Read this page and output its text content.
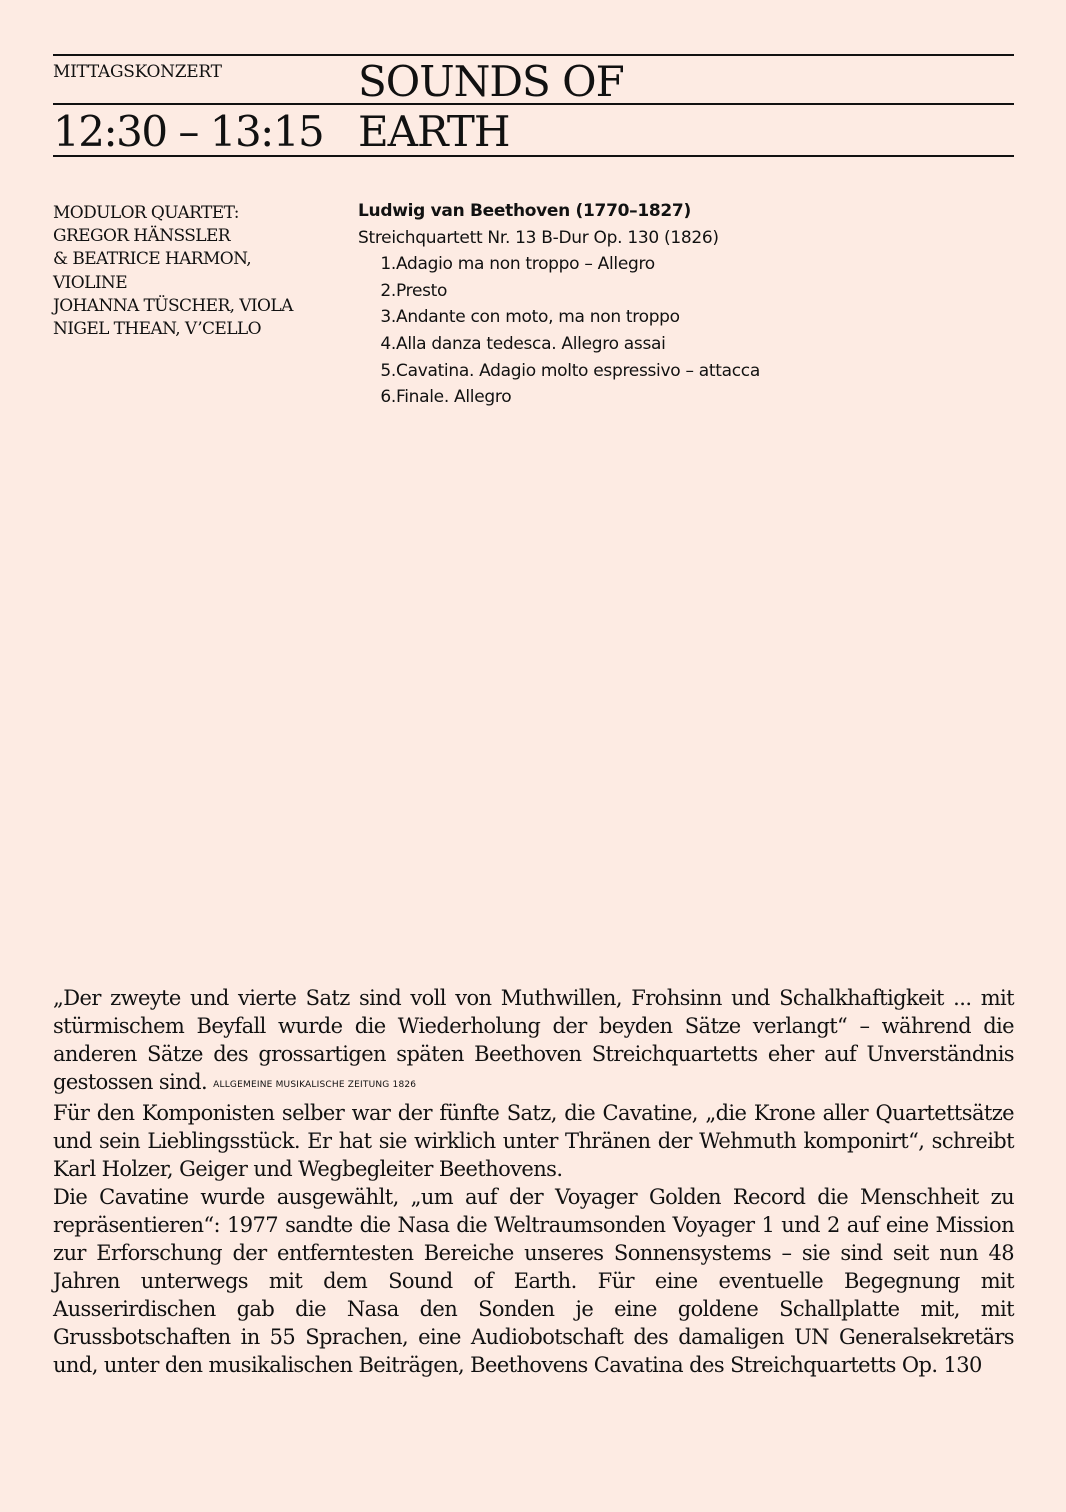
MITTAGSKONZERT	SOUNDS OF
12:30 – 13:15 EARTH
MODULOR QUARTET:
GREGOR HÄNSSLER
& BEATRICE HARMON,
VIOLINE
JOHANNA TÜSCHER, VIOLA
NIGEL THEAN, V’CELLO
Ludwig van Beethoven (1770–1827)
Streichquartett Nr. 13 B-Dur Op. 130 (1826)
1.Adagio ma non troppo – Allegro
2.Presto
3.Andante con moto, ma non troppo
4.Alla danza tedesca. Allegro assai
5.Cavatina. Adagio molto espressivo – attacca
6.Finale. Allegro

„Der zweyte und vierte Satz sind voll von Muthwillen, Frohsinn und Schalkhaftigkeit ... mit stürmischem Beyfall wurde die Wiederholung der beyden Sätze verlangt“ – während die anderen Sätze des grossartigen späten Beethoven Streichquartetts eher auf Unverständnis gestossen sind. ALLGEMEINE MUSIKALISCHE ZEITUNG 1826

Für den Komponisten selber war der fünfte Satz, die Cavatine, „die Krone aller Quartettsätze und sein Lieblingsstück. Er hat sie wirklich unter Thränen der Wehmuth komponirt“, schreibt Karl Holzer, Geiger und Wegbegleiter Beethovens.

Die Cavatine wurde ausgewählt, „um auf der Voyager Golden Record die Menschheit zu repräsentieren“: 1977 sandte die Nasa die Weltraumsonden Voyager 1 und 2 auf eine Mission zur Erforschung der entferntesten Bereiche unseres Sonnensystems – sie sind seit nun 48 Jahren unterwegs mit dem Sound of Earth. Für eine eventuelle Begegnung mit Ausserirdischen gab die Nasa den Sonden je eine goldene Schallplatte mit, mit Grussbotschaften in 55 Sprachen, eine Audiobotschaft des damaligen UN Generalsekretärs und, unter den musikalischen Beiträgen, Beethovens Cavatina des Streichquartetts Op. 130
